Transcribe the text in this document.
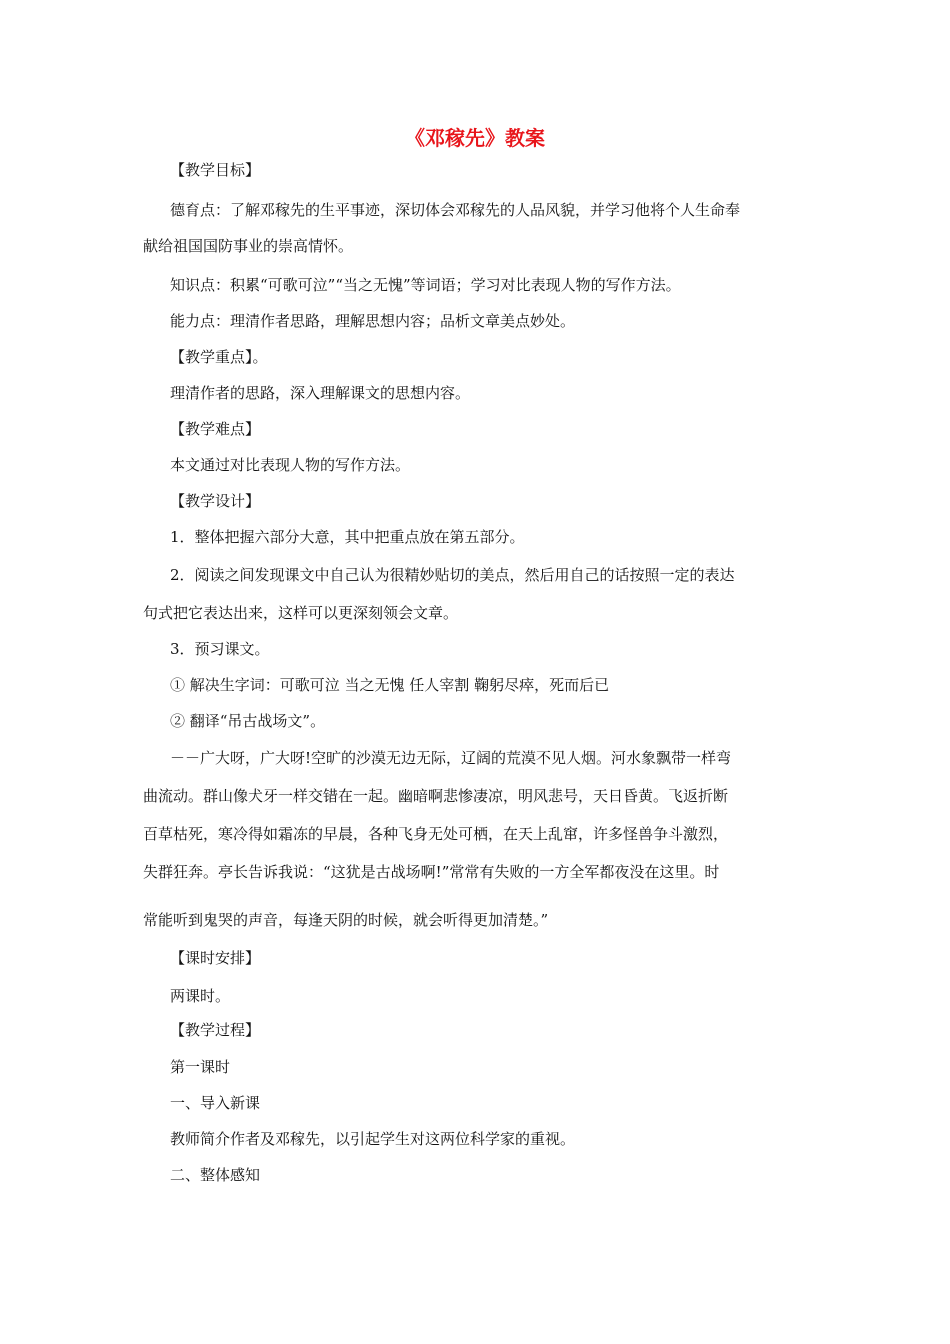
《邓稼先》教案
【教学目标】
德育点：了解邓稼先的生平事迹，深切体会邓稼先的人品风貌，并学习他将个人生命奉
献给祖国国防事业的崇高情怀。
知识点：积累“可歌可泣”“当之无愧”等词语；学习对比表现人物的写作方法。
能力点：理清作者思路，理解思想内容；品析文章美点妙处。
【教学重点】。
理清作者的思路，深入理解课文的思想内容。
【教学难点】
本文通过对比表现人物的写作方法。
【教学设计】
1．整体把握六部分大意，其中把重点放在第五部分。
2．阅读之间发现课文中自己认为很精妙贴切的美点，然后用自己的话按照一定的表达
句式把它表达出来，这样可以更深刻领会文章。
3．预习课文。
① 解决生字词：可歌可泣 当之无愧 任人宰割 鞠躬尽瘁，死而后已
② 翻译“吊古战场文”。
－－广大呀，广大呀!空旷的沙漠无边无际，辽阔的荒漠不见人烟。河水象飘带一样弯
曲流动。群山像犬牙一样交错在一起。幽暗啊悲惨凄凉，明风悲号，天日昏黄。飞返折断
百草枯死，寒冷得如霜冻的早晨，各种飞身无处可栖，在天上乱窜，许多怪兽争斗激烈，
失群狂奔。亭长告诉我说：“这犹是古战场啊!”常常有失败的一方全军都夜没在这里。时
常能听到鬼哭的声音，每逢天阴的时候，就会听得更加清楚。”
【课时安排】
两课时。
【教学过程】
第一课时
一、导入新课
教师简介作者及邓稼先，以引起学生对这两位科学家的重视。
二、整体感知
